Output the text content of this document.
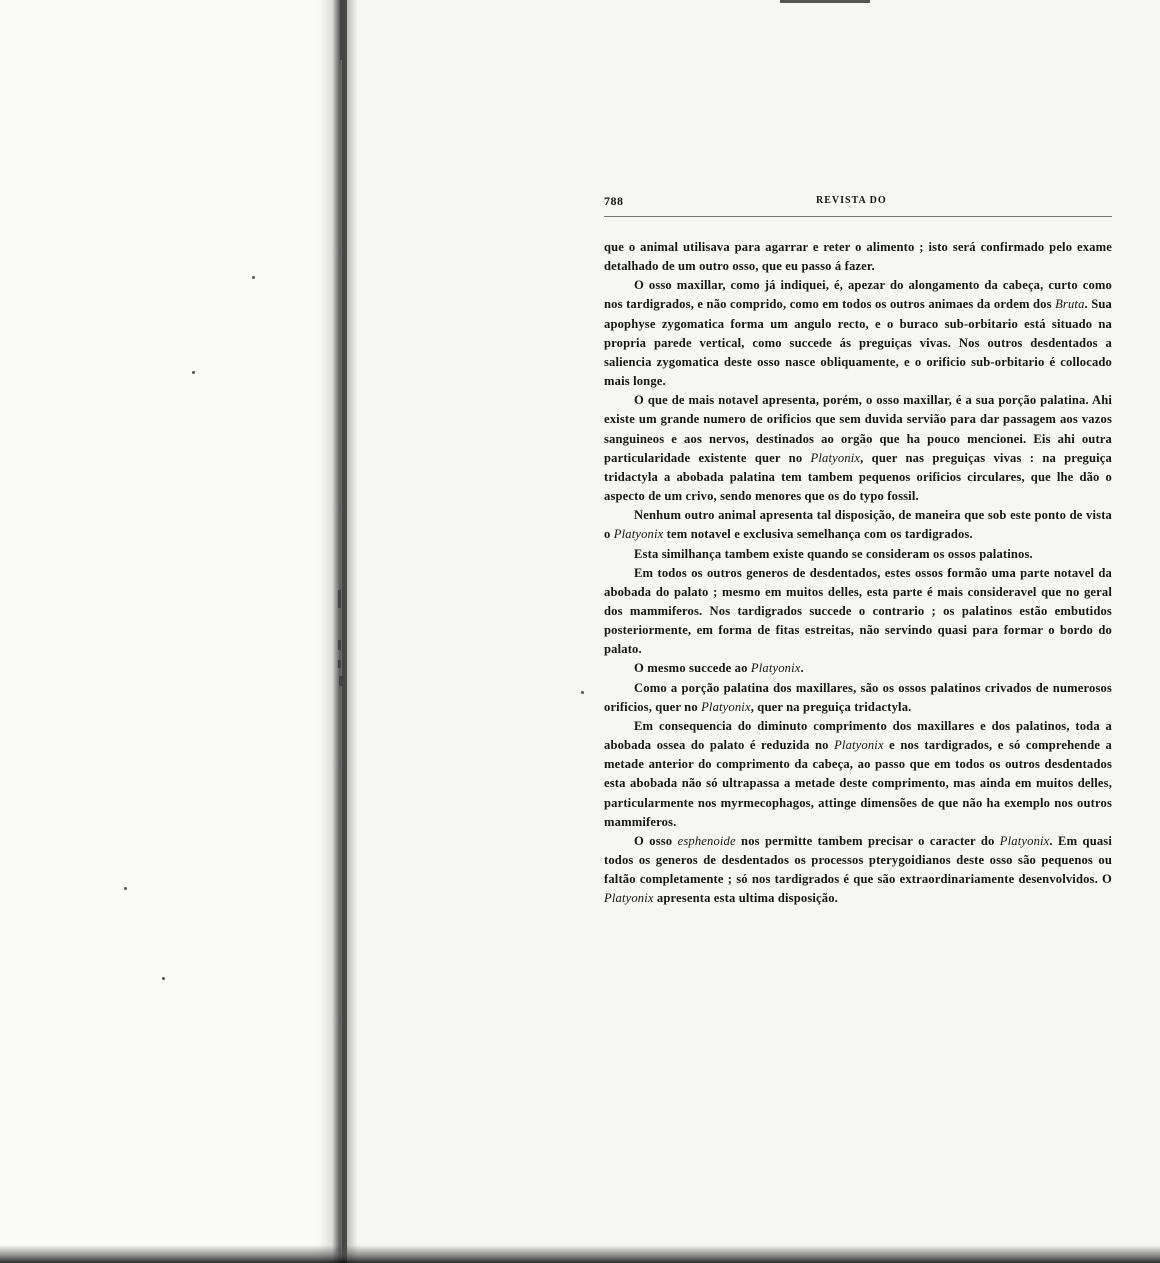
788	REVISTA DO

que o animal utilisava para agarrar e reter o alimento ; isto será confirmado pelo exame detalhado de um outro osso, que eu passo á fazer.

O osso maxillar, como já indiquei, é, apezar do alongamento da cabeça, curto como nos tardigrados, e não comprido, como em todos os outros animaes da ordem dos Bruta. Sua apophyse zygomatica forma um angulo recto, e o buraco sub-orbitario está situado na propria parede vertical, como succede ás preguiças vivas. Nos outros desdentados a saliencia zygomatica deste osso nasce obliquamente, e o orificio sub-orbitario é collocado mais longe.

O que de mais notavel apresenta, porém, o osso maxillar, é a sua porção palatina. Ahi existe um grande numero de orificios que sem duvida servião para dar passagem aos vazos sanguineos e aos nervos, destinados ao orgão que ha pouco mencionei. Eis ahi outra particularidade existente quer no Platyonix, quer nas preguiças vivas : na preguiça tridactyla a abobada palatina tem tambem pequenos orificios circulares, que lhe dão o aspecto de um crivo, sendo menores que os do typo fossil.

Nenhum outro animal apresenta tal disposição, de maneira que sob este ponto de vista o Platyonix tem notavel e exclusiva semelhança com os tardigrados.

Esta similhança tambem existe quando se consideram os ossos palatinos.

Em todos os outros generos de desdentados, estes ossos formão uma parte notavel da abobada do palato ; mesmo em muitos delles, esta parte é mais consideravel que no geral dos mammiferos. Nos tardigrados succede o contrario ; os palatinos estão embutidos posteriormente, em forma de fitas estreitas, não servindo quasi para formar o bordo do palato.

O mesmo succede ao Platyonix.

Como a porção palatina dos maxillares, são os ossos palatinos crivados de numerosos orificios, quer no Platyonix, quer na preguiça tridactyla.

Em consequencia do diminuto comprimento dos maxillares e dos palatinos, toda a abobada ossea do palato é reduzida no Platyonix e nos tardigrados, e só comprehende a metade anterior do comprimento da cabeça, ao passo que em todos os outros desdentados esta abobada não só ultrapassa a metade deste comprimento, mas ainda em muitos delles, particularmente nos myrmecophagos, attinge dimensões de que não ha exemplo nos outros mammiferos.

O osso esphenoide nos permitte tambem precisar o caracter do Platyonix. Em quasi todos os generos de desdentados os processos pterygoidianos deste osso são pequenos ou faltão completamente ; só nos tardigrados é que são extraordinariamente desenvolvidos. O Platyonix apresenta esta ultima disposição.
